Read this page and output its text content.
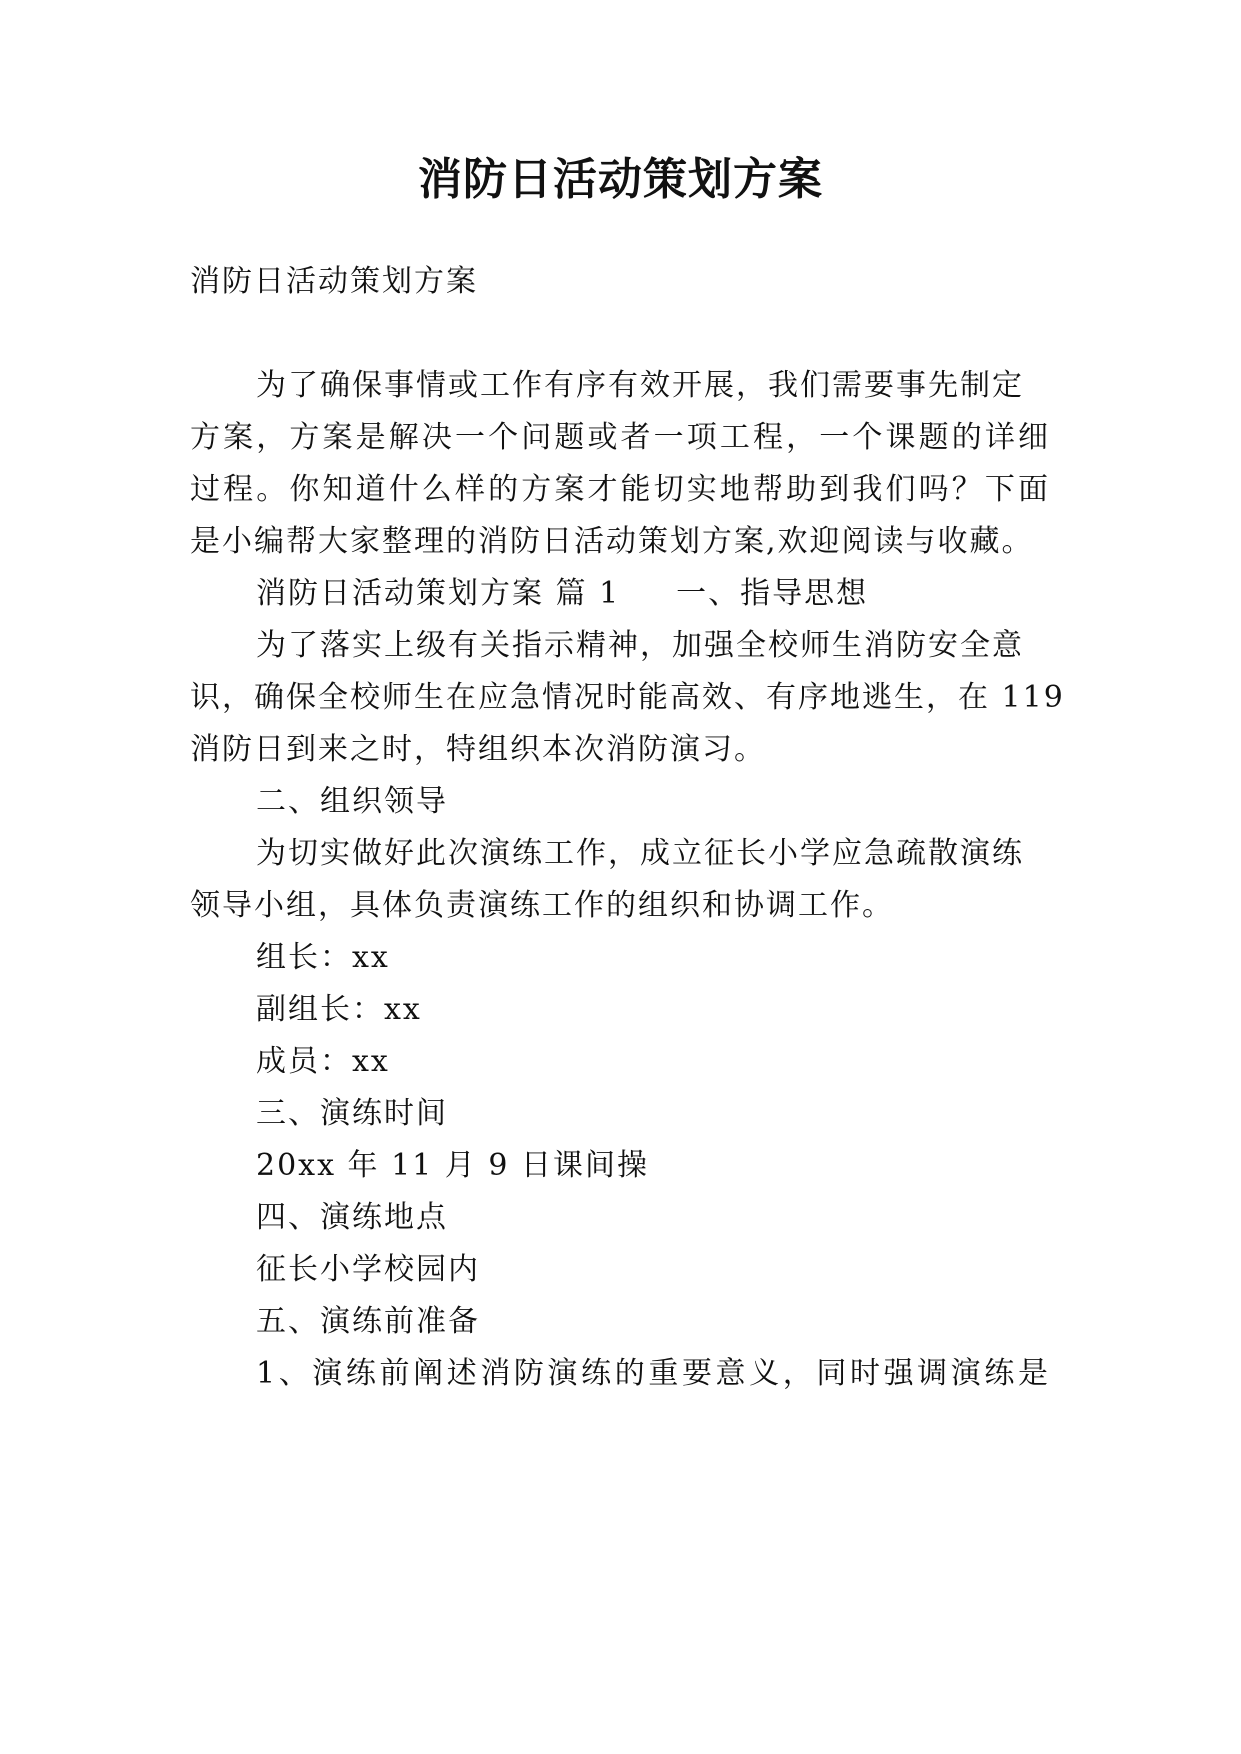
消防日活动策划方案
消防日活动策划方案
为了确保事情或工作有序有效开展，我们需要事先制定
方案，方案是解决一个问题或者一项工程，一个课题的详细
过程。你知道什么样的方案才能切实地帮助到我们吗？下面
是小编帮大家整理的消防日活动策划方案,欢迎阅读与收藏。
消防日活动策划方案 篇 1 一、指导思想
为了落实上级有关指示精神，加强全校师生消防安全意
识，确保全校师生在应急情况时能高效、有序地逃生，在 119
消防日到来之时，特组织本次消防演习。
二、组织领导
为切实做好此次演练工作，成立征长小学应急疏散演练
领导小组，具体负责演练工作的组织和协调工作。
组长：xx
副组长：xx
成员：xx
三、演练时间
20xx 年 11 月 9 日课间操
四、演练地点
征长小学校园内
五、演练前准备
1、演练前阐述消防演练的重要意义，同时强调演练是
